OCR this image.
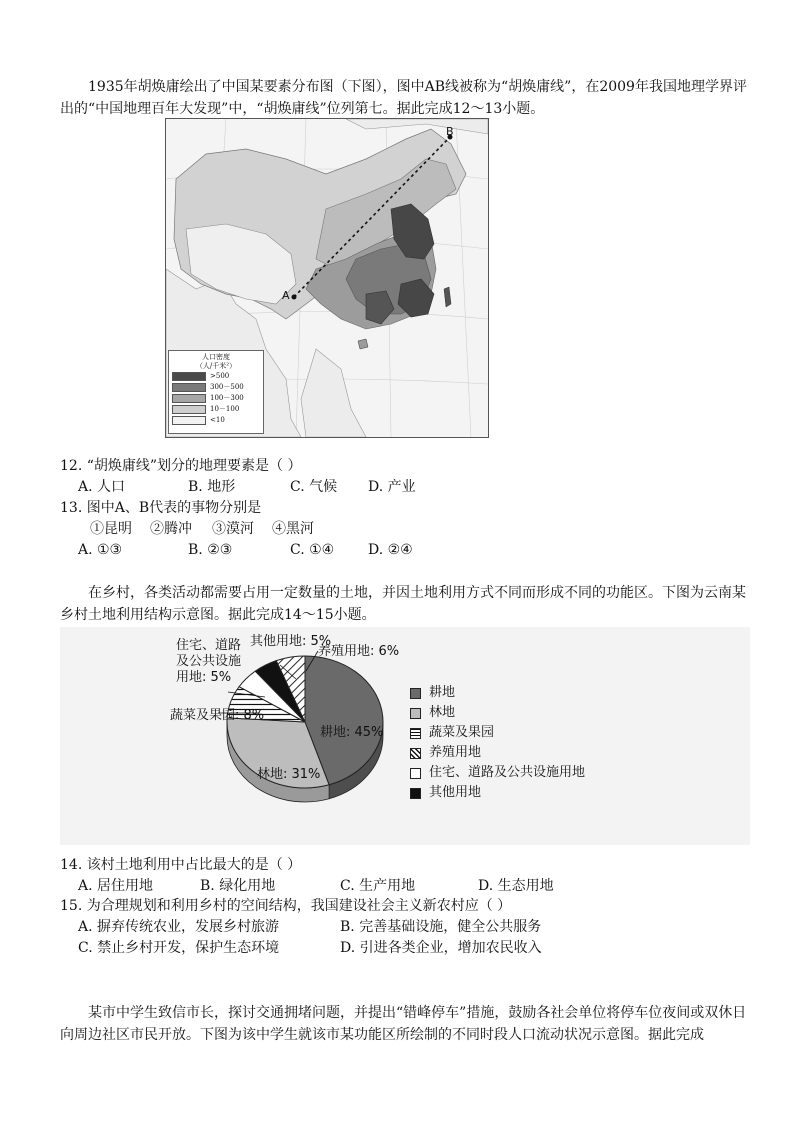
1935年胡焕庸绘出了中国某要素分布图（下图），图中AB线被称为“胡焕庸线”，在2009年我国地理学界评出的“中国地理百年大发现”中，“胡焕庸线”位列第七。据此完成12～13小题。
A
B
人口密度
（人/千米²）
>500
300－500
100－300
10－100
<10
12. “胡焕庸线”划分的地理要素是（ ）
A. 人口	B. 地形	C. 气候 D. 产业
13. 图中A、B代表的事物分别是
①昆明 ②腾冲 ③漠河 ④黑河
A. ①③	B. ②③	C. ①④ D. ②④
在乡村，各类活动都需要占用一定数量的土地，并因土地利用方式不同而形成不同的功能区。下图为云南某乡村土地利用结构示意图。据此完成14～15小题。
住宅、道路及公共设施用地: 5%
其他用地: 5%
养殖用地: 6%
蔬菜及果园: 8%
耕地: 45%
林地: 31%
耕地
林地
蔬菜及果园
养殖用地
住宅、道路及公共设施用地
其他用地
14. 该村土地利用中占比最大的是（ ）
A. 居住用地	B. 绿化用地	C. 生产用地	D. 生态用地
15. 为合理规划和利用乡村的空间结构，我国建设社会主义新农村应（ ）
A. 摒弃传统农业，发展乡村旅游	B. 完善基础设施，健全公共服务
C. 禁止乡村开发，保护生态环境	D. 引进各类企业，增加农民收入
某市中学生致信市长，探讨交通拥堵问题，并提出“错峰停车”措施，鼓励各社会单位将停车位夜间或双休日向周边社区市民开放。下图为该中学生就该市某功能区所绘制的不同时段人口流动状况示意图。据此完成
